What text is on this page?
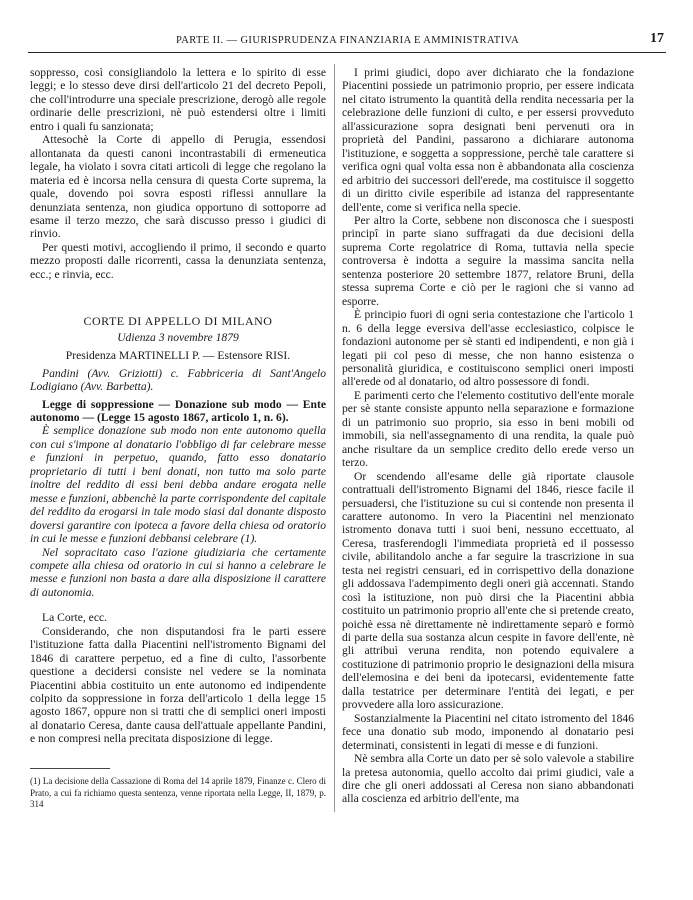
PARTE II. — GIURISPRUDENZA FINANZIARIA E AMMINISTRATIVA	17

soppresso, così consigliandolo la lettera e lo spirito di esse leggi; e lo stesso deve dirsi dell'articolo 21 del decreto Pepoli, che coll'introdurre una speciale prescrizione, derogò alle regole ordinarie delle prescrizioni, nè può estendersi oltre i limiti entro i quali fu sanzionata;

Attesochè la Corte di appello di Perugia, essendosi allontanata da questi canoni incontrastabili di ermeneutica legale, ha violato i sovra citati articoli di legge che regolano la materia ed è incorsa nella censura di questa Corte suprema, la quale, dovendo poi sovra esposti riflessi annullare la denunziata sentenza, non giudica opportuno di sottoporre ad esame il terzo mezzo, che sarà discusso presso i giudici di rinvio.

Per questi motivi, accogliendo il primo, il secondo e quarto mezzo proposti dalle ricorrenti, cassa la denunziata sentenza, ecc.; e rinvia, ecc.

CORTE DI APPELLO DI MILANO

Udienza 3 novembre 1879

Presidenza MARTINELLI P. — Estensore RISI.

Pandini (Avv. Griziotti) c. Fabbriceria di Sant'Angelo Lodigiano (Avv. Barbetta).

Legge di soppressione — Donazione sub modo — Ente autonomo — (Legge 15 agosto 1867, articolo 1, n. 6).

È semplice donazione sub modo non ente autonomo quella con cui s'impone al donatario l'obbligo di far celebrare messe e funzioni in perpetuo, quando, fatto esso donatario proprietario di tutti i beni donati, non tutto ma solo parte inoltre del reddito di essi beni debba andare erogata nelle messe e funzioni, abbenchè la parte corrispondente del capitale del reddito da erogarsi in tale modo siasi dal donante disposto doversi garantire con ipoteca a favore della chiesa od oratorio in cui le messe e funzioni debbansi celebrare (1).

Nel sopracitato caso l'azione giudiziaria che certamente compete alla chiesa od oratorio in cui si hanno a celebrare le messe e funzioni non basta a dare alla disposizione il carattere di autonomia.

La Corte, ecc.

Considerando, che non disputandosi fra le parti essere l'istituzione fatta dalla Piacentini nell'istromento Bignami del 1846 di carattere perpetuo, ed a fine di culto, l'assorbente questione a decidersi consiste nel vedere se la nominata Piacentini abbia costituito un ente autonomo ed indipendente colpito da soppressione in forza dell'articolo 1 della legge 15 agosto 1867, oppure non si tratti che di semplici oneri imposti al donatario Ceresa, dante causa dell'attuale appellante Pandini, e non compresi nella precitata disposizione di legge.

I primi giudici, dopo aver dichiarato che la fondazione Piacentini possiede un patrimonio proprio, per essere indicata nel citato istrumento la quantità della rendita necessaria per la celebrazione delle funzioni di culto, e per essersi provveduto all'assicurazione sopra designati beni pervenuti ora in proprietà del Pandini, passarono a dichiarare autonoma l'istituzione, e soggetta a soppressione, perchè tale carattere si verifica ogni qual volta essa non è abbandonata alla coscienza ed arbitrio dei successori dell'erede, ma costituisce il soggetto di un diritto civile esperibile ad istanza del rappresentante dell'ente, come si verifica nella specie.

Per altro la Corte, sebbene non disconosca che i suesposti principî in parte siano suffragati da due decisioni della suprema Corte regolatrice di Roma, tuttavia nella specie controversa è indotta a seguire la massima sancita nella sentenza posteriore 20 settembre 1877, relatore Bruni, della stessa suprema Corte e ciò per le ragioni che si vanno ad esporre.

È principio fuori di ogni seria contestazione che l'articolo 1 n. 6 della legge eversiva dell'asse ecclesiastico, colpisce le fondazioni autonome per sè stanti ed indipendenti, e non già i legati pii col peso di messe, che non hanno esistenza o personalità giuridica, e costituiscono semplici oneri imposti all'erede od al donatario, od altro possessore di fondi.

E parimenti certo che l'elemento costitutivo dell'ente morale per sè stante consiste appunto nella separazione e formazione di un patrimonio suo proprio, sia esso in beni mobili od immobili, sia nell'assegnamento di una rendita, la quale può anche risultare da un semplice credito dello erede verso un terzo.

Or scendendo all'esame delle già riportate clausole contrattuali dell'istromento Bignami del 1846, riesce facile il persuadersi, che l'istituzione su cui si contende non presenta il carattere autonomo. In vero la Piacentini nel menzionato istromento donava tutti i suoi beni, nessuno eccettuato, al Ceresa, trasferendogli l'immediata proprietà ed il possesso civile, abilitandolo anche a far seguire la trascrizione in sua testa nei registri censuari, ed in corrispettivo della donazione gli addossava l'adempimento degli oneri già accennati. Stando così la istituzione, non può dirsi che la Piacentini abbia costituito un patrimonio proprio all'ente che si pretende creato, poichè essa nè direttamente nè indirettamente separò e formò di parte della sua sostanza alcun cespite in favore dell'ente, nè gli attribuì veruna rendita, non potendo equivalere a costituzione di patrimonio proprio le designazioni della misura dell'elemosina e dei beni da ipotecarsi, evidentemente fatte dalla testatrice per determinare l'entità dei legati, e per provvedere alla loro assicurazione.

Sostanzialmente la Piacentini nel citato istromento del 1846 fece una donatio sub modo, imponendo al donatario pesi determinati, consistenti in legati di messe e di funzioni.

Nè sembra alla Corte un dato per sè solo valevole a stabilire la pretesa autonomia, quello accolto dai primi giudici, vale a dire che gli oneri addossati al Ceresa non siano abbandonati alla coscienza ed arbitrio dell'ente, ma

(1) La decisione della Cassazione di Roma del 14 aprile 1879, Finanze c. Clero di Prato, a cui fa richiamo questa sentenza, venne riportata nella Legge, II, 1879, p. 314
